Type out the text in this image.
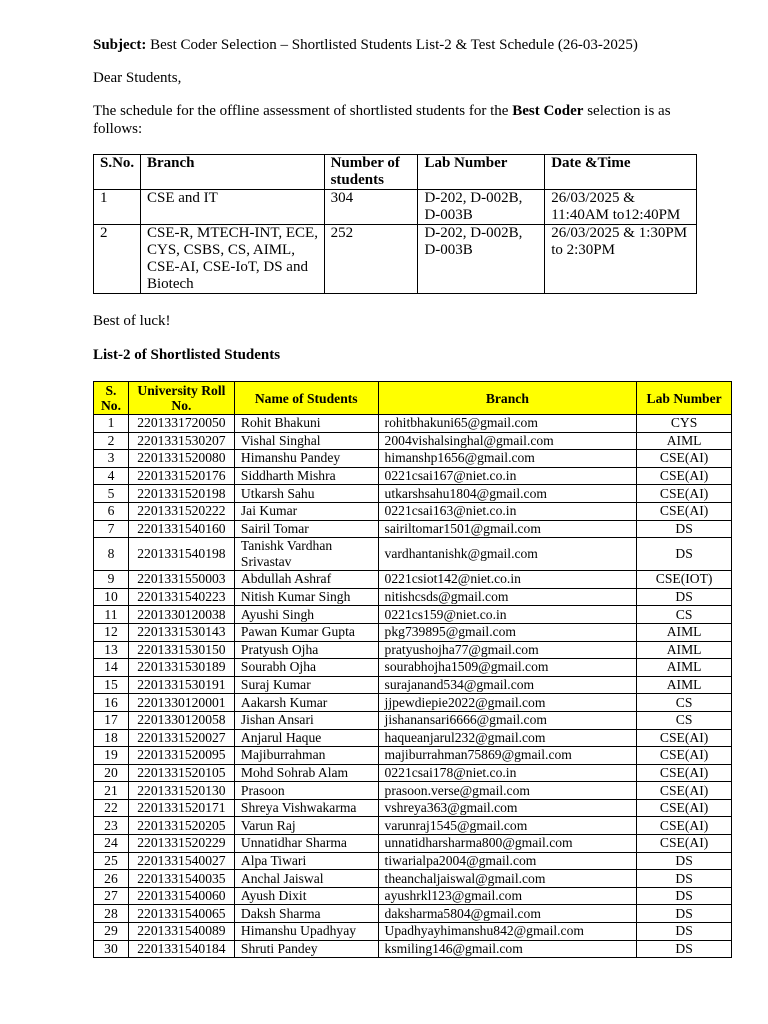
Subject: Best Coder Selection – Shortlisted Students List-2 & Test Schedule (26-03-2025)

Dear Students,

The schedule for the offline assessment of shortlisted students for the Best Coder selection is as follows:

S.No.	Branch	Number of students	Lab Number	Date &Time
1	CSE and IT	304	D-202, D-002B, D-003B	26/03/2025 & 11:40AM to12:40PM
2	CSE-R, MTECH-INT, ECE, CYS, CSBS, CS, AIML, CSE-AI, CSE-IoT, DS and Biotech	252	D-202, D-002B, D-003B	26/03/2025 & 1:30PM to 2:30PM

Best of luck!

List-2 of Shortlisted Students

S. No.	University Roll No.	Name of Students	Branch	Lab Number
1	2201331720050	Rohit Bhakuni	rohitbhakuni65@gmail.com	CYS
2	2201331530207	Vishal Singhal	2004vishalsinghal@gmail.com	AIML
3	2201331520080	Himanshu Pandey	himanshp1656@gmail.com	CSE(AI)
4	2201331520176	Siddharth Mishra	0221csai167@niet.co.in	CSE(AI)
5	2201331520198	Utkarsh Sahu	utkarshsahu1804@gmail.com	CSE(AI)
6	2201331520222	Jai Kumar	0221csai163@niet.co.in	CSE(AI)
7	2201331540160	Sairil Tomar	sairiltomar1501@gmail.com	DS
8	2201331540198	Tanishk Vardhan Srivastav	vardhantanishk@gmail.com	DS
9	2201331550003	Abdullah Ashraf	0221csiot142@niet.co.in	CSE(IOT)
10	2201331540223	Nitish Kumar Singh	nitishcsds@gmail.com	DS
11	2201330120038	Ayushi Singh	0221cs159@niet.co.in	CS
12	2201331530143	Pawan Kumar Gupta	pkg739895@gmail.com	AIML
13	2201331530150	Pratyush Ojha	pratyushojha77@gmail.com	AIML
14	2201331530189	Sourabh Ojha	sourabhojha1509@gmail.com	AIML
15	2201331530191	Suraj Kumar	surajanand534@gmail.com	AIML
16	2201330120001	Aakarsh Kumar	jjpewdiepie2022@gmail.com	CS
17	2201330120058	Jishan Ansari	jishanansari6666@gmail.com	CS
18	2201331520027	Anjarul Haque	haqueanjarul232@gmail.com	CSE(AI)
19	2201331520095	Majiburrahman	majiburrahman75869@gmail.com	CSE(AI)
20	2201331520105	Mohd Sohrab Alam	0221csai178@niet.co.in	CSE(AI)
21	2201331520130	Prasoon	prasoon.verse@gmail.com	CSE(AI)
22	2201331520171	Shreya Vishwakarma	vshreya363@gmail.com	CSE(AI)
23	2201331520205	Varun Raj	varunraj1545@gmail.com	CSE(AI)
24	2201331520229	Unnatidhar Sharma	unnatidharsharma800@gmail.com	CSE(AI)
25	2201331540027	Alpa Tiwari	tiwarialpa2004@gmail.com	DS
26	2201331540035	Anchal Jaiswal	theanchaljaiswal@gmail.com	DS
27	2201331540060	Ayush Dixit	ayushrkl123@gmail.com	DS
28	2201331540065	Daksh Sharma	daksharma5804@gmail.com	DS
29	2201331540089	Himanshu Upadhyay	Upadhyayhimanshu842@gmail.com	DS
30	2201331540184	Shruti Pandey	ksmiling146@gmail.com	DS
